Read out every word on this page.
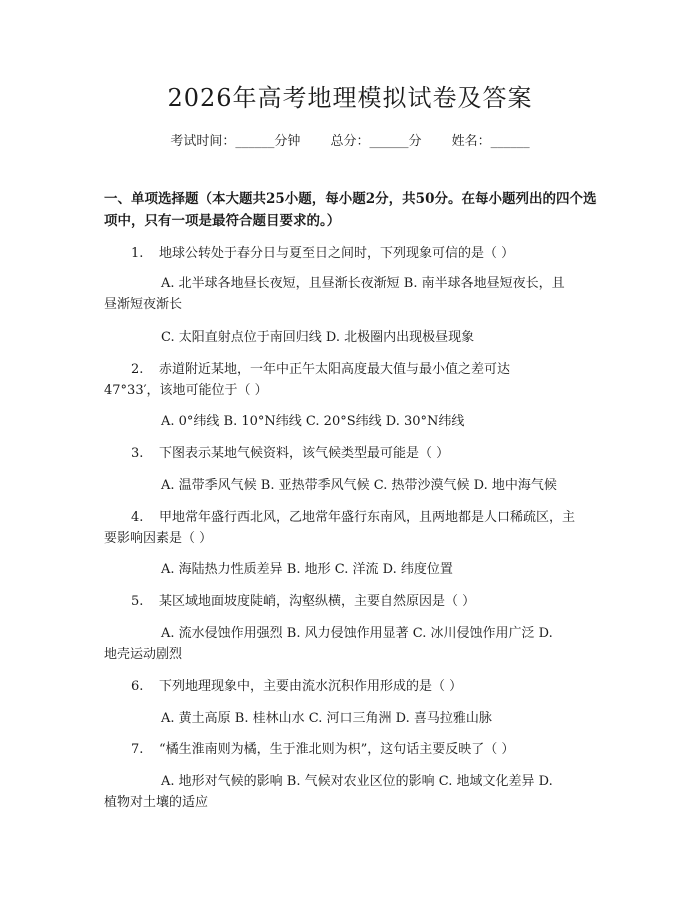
2026年高考地理模拟试卷及答案
考试时间：______分钟 总分：______分 姓名：______
一、单项选择题（本大题共25小题，每小题2分，共50分。在每小题列出的四个选项中，只有一项是最符合题目要求的。）
1. 地球公转处于春分日与夏至日之间时，下列现象可信的是（ ）
A. 北半球各地昼长夜短，且昼渐长夜渐短 B. 南半球各地昼短夜长，且
昼渐短夜渐长
C. 太阳直射点位于南回归线 D. 北极圈内出现极昼现象
2. 赤道附近某地，一年中正午太阳高度最大值与最小值之差可达
47°33′，该地可能位于（ ）
A. 0°纬线 B. 10°N纬线 C. 20°S纬线 D. 30°N纬线
3. 下图表示某地气候资料，该气候类型最可能是（ ）
A. 温带季风气候 B. 亚热带季风气候 C. 热带沙漠气候 D. 地中海气候
4. 甲地常年盛行西北风，乙地常年盛行东南风，且两地都是人口稀疏区，主
要影响因素是（ ）
A. 海陆热力性质差异 B. 地形 C. 洋流 D. 纬度位置
5. 某区域地面坡度陡峭，沟壑纵横，主要自然原因是（ ）
A. 流水侵蚀作用强烈 B. 风力侵蚀作用显著 C. 冰川侵蚀作用广泛 D.
地壳运动剧烈
6. 下列地理现象中，主要由流水沉积作用形成的是（ ）
A. 黄土高原 B. 桂林山水 C. 河口三角洲 D. 喜马拉雅山脉
7. “橘生淮南则为橘，生于淮北则为枳”，这句话主要反映了（ ）
A. 地形对气候的影响 B. 气候对农业区位的影响 C. 地域文化差异 D.
植物对土壤的适应
